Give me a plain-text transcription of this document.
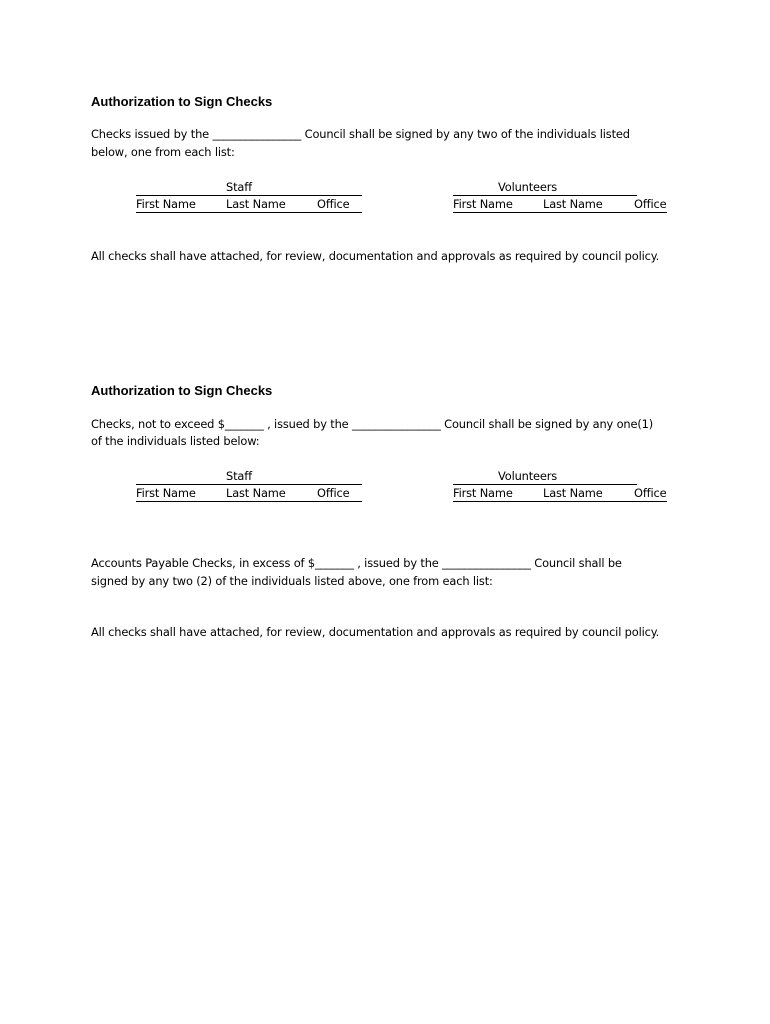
Authorization to Sign Checks
Checks issued by the ________________ Council shall be signed by any two of the individuals listed
below, one from each list:
Staff
First Name	Last Name	Office
Volunteers
First Name	Last Name	Office
All checks shall have attached, for review, documentation and approvals as required by council policy.
Authorization to Sign Checks
Checks, not to exceed $_______ , issued by the ________________ Council shall be signed by any one(1)
of the individuals listed below:
Staff
First Name	Last Name	Office
Volunteers
First Name	Last Name	Office
Accounts Payable Checks, in excess of $_______ , issued by the ________________ Council shall be
signed by any two (2) of the individuals listed above, one from each list:
All checks shall have attached, for review, documentation and approvals as required by council policy.
